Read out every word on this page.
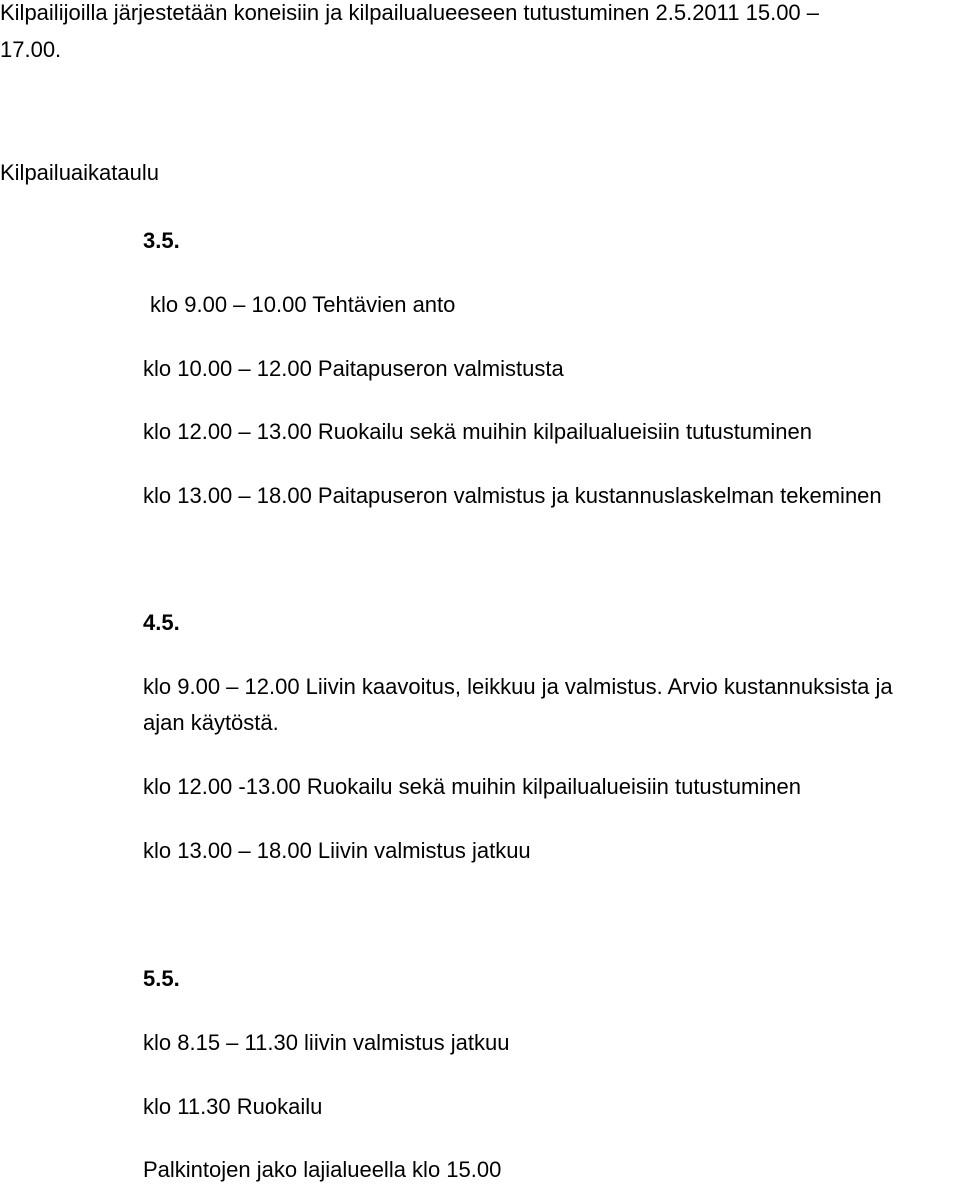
Kilpailijoilla järjestetään koneisiin ja kilpailualueeseen tutustuminen 2.5.2011 15.00 –
17.00.
Kilpailuaikataulu
3.5.
klo 9.00 – 10.00 Tehtävien anto
klo 10.00 – 12.00 Paitapuseron valmistusta
klo 12.00 – 13.00 Ruokailu sekä muihin kilpailualueisiin tutustuminen
klo 13.00 – 18.00 Paitapuseron valmistus ja kustannuslaskelman tekeminen
4.5.
klo 9.00 – 12.00 Liivin kaavoitus, leikkuu ja valmistus. Arvio kustannuksista ja
ajan käytöstä.
klo 12.00 -13.00 Ruokailu sekä muihin kilpailualueisiin tutustuminen
klo 13.00 – 18.00 Liivin valmistus jatkuu
5.5.
klo 8.15 – 11.30 liivin valmistus jatkuu
klo 11.30 Ruokailu
Palkintojen jako lajialueella klo 15.00
